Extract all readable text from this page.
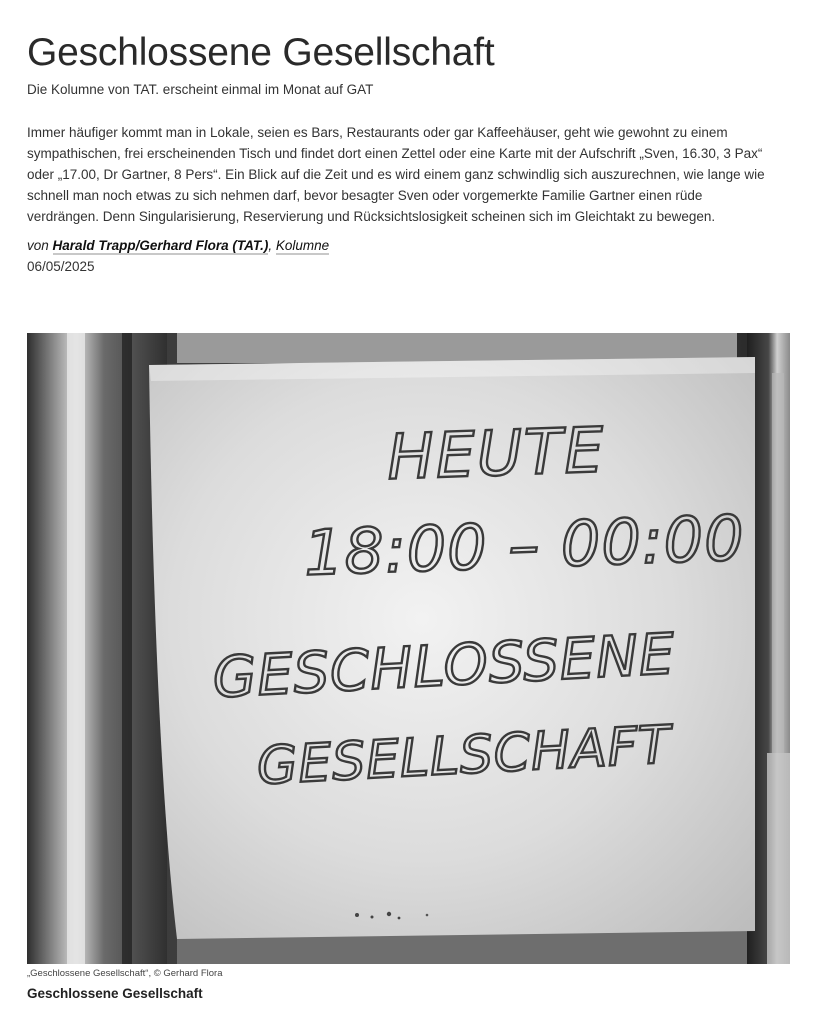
Geschlossene Gesellschaft

Die Kolumne von TAT. erscheint einmal im Monat auf GAT

Immer häufiger kommt man in Lokale, seien es Bars, Restaurants oder gar Kaffeehäuser, geht wie gewohnt zu einem sympathischen, frei erscheinenden Tisch und findet dort einen Zettel oder eine Karte mit der Aufschrift „Sven, 16.30, 3 Pax“ oder „17.00, Dr Gartner, 8 Pers“. Ein Blick auf die Zeit und es wird einem ganz schwindlig sich auszurechnen, wie lange wie schnell man noch etwas zu sich nehmen darf, bevor besagter Sven oder vorgemerkte Familie Gartner einen rüde verdrängen. Denn Singularisierung, Reservierung und Rücksichtslosigkeit scheinen sich im Gleichtakt zu bewegen.

von Harald Trapp/Gerhard Flora (TAT.), Kolumne

06/05/2025

HEUTE
18:00 – 00:00
GESCHLOSSENE
GESELLSCHAFT

„Geschlossene Gesellschaft“, © Gerhard Flora

Geschlossene Gesellschaft
